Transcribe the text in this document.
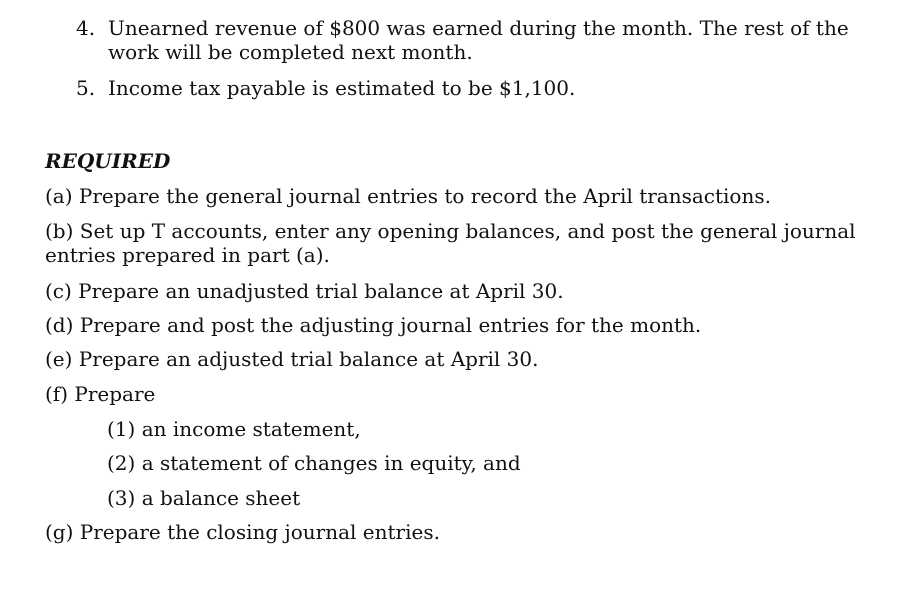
4. Unearned revenue of $800 was earned during the month. The rest of the work will be completed next month.
5. Income tax payable is estimated to be $1,100.
REQUIRED
(a) Prepare the general journal entries to record the April transactions.
(b) Set up T accounts, enter any opening balances, and post the general journal entries prepared in part (a).
(c) Prepare an unadjusted trial balance at April 30.
(d) Prepare and post the adjusting journal entries for the month.
(e) Prepare an adjusted trial balance at April 30.
(f) Prepare
(1) an income statement,
(2) a statement of changes in equity, and
(3) a balance sheet
(g) Prepare the closing journal entries.
